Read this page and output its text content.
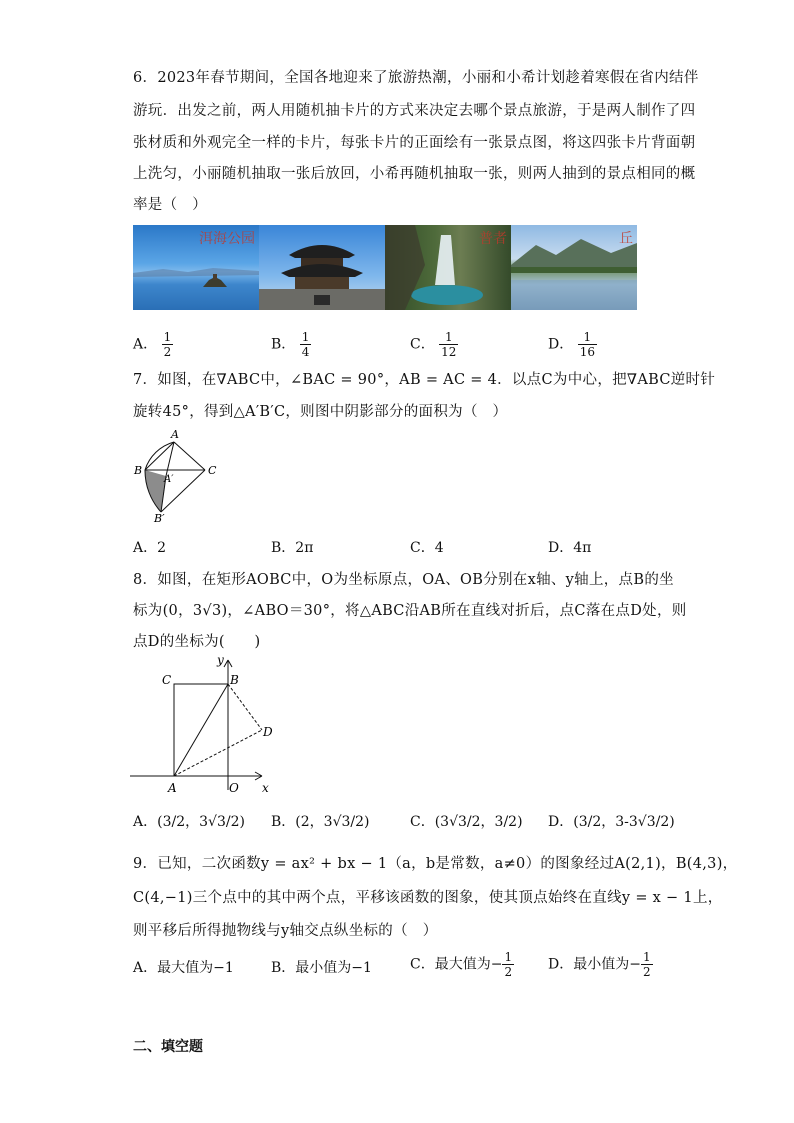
6．2023年春节期间，全国各地迎来了旅游热潮，小丽和小希计划趁着寒假在省内结伴
游玩．出发之前，两人用随机抽卡片的方式来决定去哪个景点旅游，于是两人制作了四
张材质和外观完全一样的卡片，每张卡片的正面绘有一张景点图，将这四张卡片背面朝
上洗匀，小丽随机抽取一张后放回，小希再随机抽取一张，则两人抽到的景点相同的概
率是（　）
洱海公园	普者	丘
A． $\frac{1}{2}$	B． $\frac{1}{4}$	C． $\frac{1}{12}$	D． $\frac{1}{16}$
7．如图，在∇ABC中，∠BAC = 90°，AB = AC = 4．以点C为中心，把∇ABC逆时针
旋转45°，得到△A′B′C，则图中阴影部分的面积为（　）
A
B	C
A′
B′
A．2	B．2π	C．4	D．4π
8．如图，在矩形AOBC中，O为坐标原点，OA、OB分别在x轴、y轴上，点B的坐
标为(0，3√3)，∠ABO＝30°，将△ABC沿AB所在直线对折后，点C落在点D处，则
点D的坐标为(　　)
C	B
D
A	O x
y
A．(3/2，3√3/2) B．(2，3√3/2)	C．(3√3/2，3/2) D．(3/2，3-3√3/2)
9．已知，二次函数y = ax² + bx − 1（a，b是常数，a≠0）的图象经过A(2,1)，B(4,3)，
C(4,−1)三个点中的其中两个点，平移该函数的图象，使其顶点始终在直线y = x − 1上，
则平移后所得抛物线与y轴交点纵坐标的（　）
A．最大值为−1	B．最小值为−1	C．最大值为− $\frac{1}{2}$ D．最小值为− $\frac{1}{2}$
二、填空题
